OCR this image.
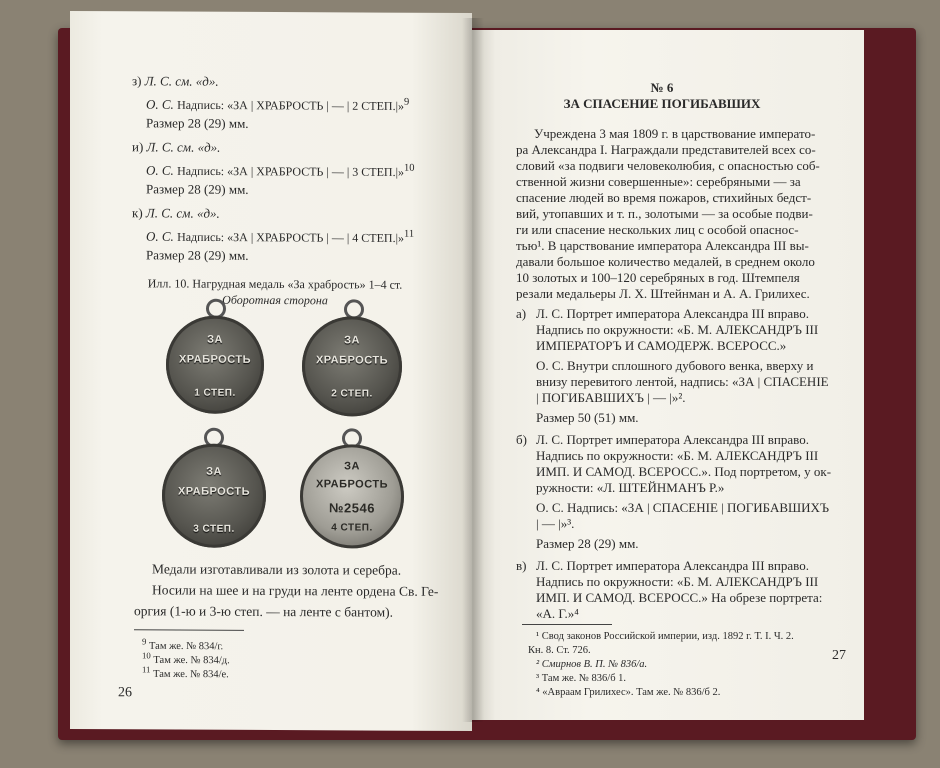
з) Л. С. см. «д».
О. С. Надпись: «ЗА | ХРАБРОСТЬ | — | 2 СТЕП.|»$^9$
Размер 28 (29) мм.
и) Л. С. см. «д».
О. С. Надпись: «ЗА | ХРАБРОСТЬ | — | 3 СТЕП.|»$^{10}$
Размер 28 (29) мм.
к) Л. С. см. «д».
О. С. Надпись: «ЗА | ХРАБРОСТЬ | — | 4 СТЕП.|»$^{11}$
Размер 28 (29) мм.
Илл. 10. Нагрудная медаль «За храбрость» 1–4 ст.
Оборотная сторона
ЗА
ХРАБРОСТЬ
1 СТЕП.
ЗА
ХРАБРОСТЬ
2 СТЕП.
ЗА
ХРАБРОСТЬ
3 СТЕП.
ЗА
ХРАБРОСТЬ
№2546
4 СТЕП.
Медали изготавливали из золота и серебра.
Носили на шее и на груди на ленте ордена Св. Ге-
оргия (1-ю и 3-ю степ. — на ленте с бантом).
$^9$ Там же. № 834/г.
$^{10}$ Там же. № 834/д.
$^{11}$ Там же. № 834/е.
26
№ 6
ЗА СПАСЕНИЕ ПОГИБАВШИХ
Учреждена 3 мая 1809 г. в царствование императо-
ра Александра I. Награждали представителей всех со-
словий «за подвиги человеколюбия, с опасностью соб-
ственной жизни совершенные»: серебряными — за
спасение людей во время пожаров, стихийных бедст-
вий, утопавших и т. п., золотыми — за особые подви-
ги или спасение нескольких лиц с особой опаснос-
тью¹. В царствование императора Александра III вы-
давали большое количество медалей, в среднем около
10 золотых и 100–120 серебряных в год. Штемпеля
резали медальеры Л. Х. Штейнман и А. А. Грилихес.
а) Л. С. Портрет императора Александра III вправо.
Надпись по окружности: «Б. М. АЛЕКСАНДРЪ III
ИМПЕРАТОРЪ И САМОДЕРЖ. ВСЕРОСС.»
О. С. Внутри сплошного дубового венка, вверху и
внизу перевитого лентой, надпись: «ЗА | СПАСЕНIЕ
| ПОГИБАВШИХЪ | — |»².
Размер 50 (51) мм.
б) Л. С. Портрет императора Александра III вправо.
Надпись по окружности: «Б. М. АЛЕКСАНДРЪ III
ИМП. И САМОД. ВСЕРОСС.». Под портретом, у ок-
ружности: «Л. ШТЕЙНМАНЪ Р.»
О. С. Надпись: «ЗА | СПАСЕНIЕ | ПОГИБАВШИХЪ
| — |»³.
Размер 28 (29) мм.
в) Л. С. Портрет императора Александра III вправо.
Надпись по окружности: «Б. М. АЛЕКСАНДРЪ III
ИМП. И САМОД. ВСЕРОСС.» На обрезе портрета:
«А. Г.»⁴
¹ Свод законов Российской империи, изд. 1892 г. Т. I. Ч. 2.
Кн. 8. Ст. 726.
² Смирнов В. П. № 836/а.
³ Там же. № 836/б 1.
⁴ «Авраам Грилихес». Там же. № 836/б 2.
27
